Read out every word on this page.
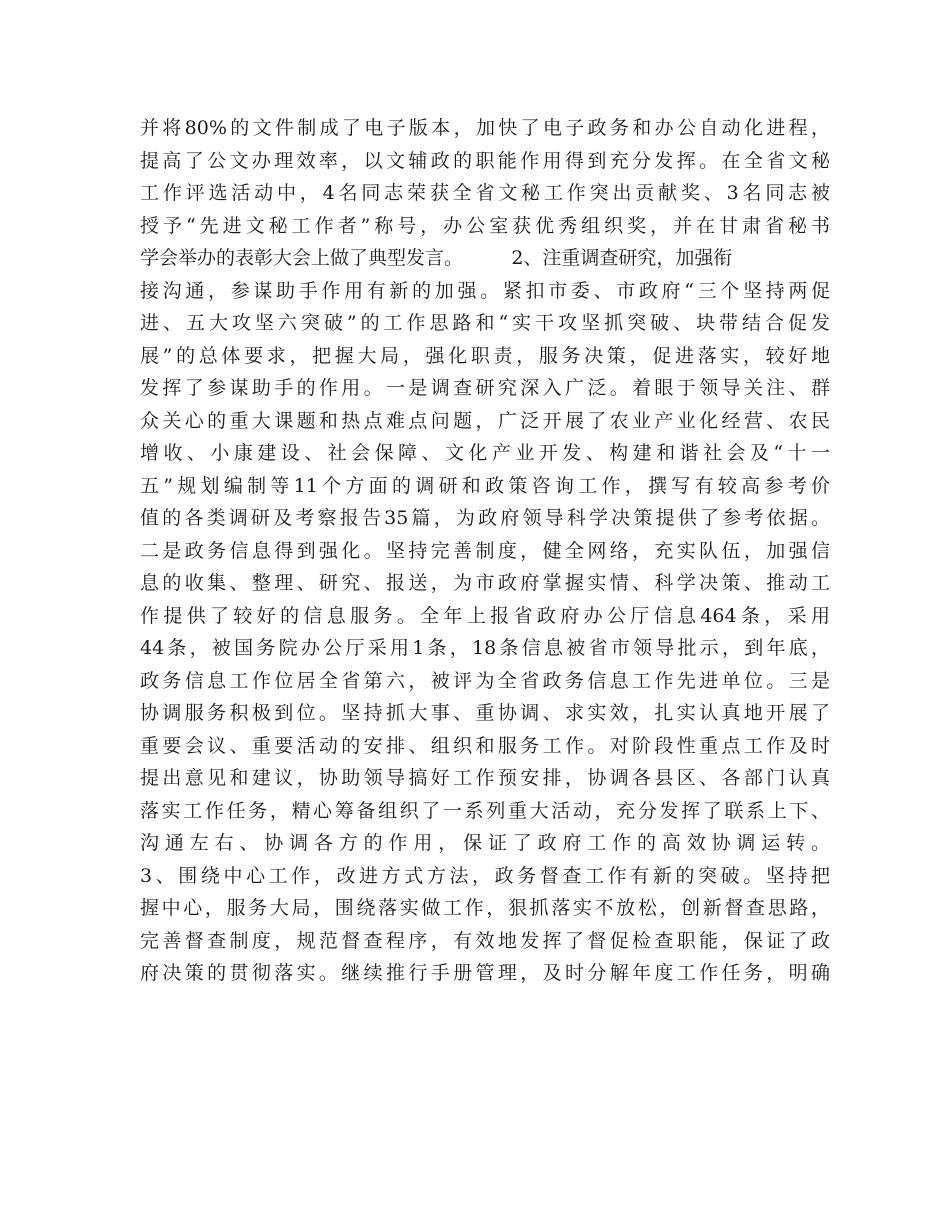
并将80%的文件制成了电子版本，加快了电子政务和办公自动化进程，
提高了公文办理效率，以文辅政的职能作用得到充分发挥。在全省文秘
工作评选活动中，4名同志荣获全省文秘工作突出贡献奖、3名同志被
授予“先进文秘工作者”称号，办公室获优秀组织奖，并在甘肃省秘书
学会举办的表彰大会上做了典型发言。        2、注重调查研究，加强衔
接沟通，参谋助手作用有新的加强。紧扣市委、市政府“三个坚持两促
进、五大攻坚六突破”的工作思路和“实干攻坚抓突破、块带结合促发
展”的总体要求，把握大局，强化职责，服务决策，促进落实，较好地
发挥了参谋助手的作用。一是调查研究深入广泛。着眼于领导关注、群
众关心的重大课题和热点难点问题，广泛开展了农业产业化经营、农民
增收、小康建设、社会保障、文化产业开发、构建和谐社会及“十一
五”规划编制等11个方面的调研和政策咨询工作，撰写有较高参考价
值的各类调研及考察报告35篇，为政府领导科学决策提供了参考依据。
二是政务信息得到强化。坚持完善制度，健全网络，充实队伍，加强信
息的收集、整理、研究、报送，为市政府掌握实情、科学决策、推动工
作提供了较好的信息服务。全年上报省政府办公厅信息464条，采用
44条，被国务院办公厅采用1条，18条信息被省市领导批示，到年底，
政务信息工作位居全省第六，被评为全省政务信息工作先进单位。三是
协调服务积极到位。坚持抓大事、重协调、求实效，扎实认真地开展了
重要会议、重要活动的安排、组织和服务工作。对阶段性重点工作及时
提出意见和建议，协助领导搞好工作预安排，协调各县区、各部门认真
落实工作任务，精心筹备组织了一系列重大活动，充分发挥了联系上下、
沟通左右、协调各方的作用，保证了政府工作的高效协调运转。
3、围绕中心工作，改进方式方法，政务督查工作有新的突破。坚持把
握中心，服务大局，围绕落实做工作，狠抓落实不放松，创新督查思路，
完善督查制度，规范督查程序，有效地发挥了督促检查职能，保证了政
府决策的贯彻落实。继续推行手册管理，及时分解年度工作任务，明确
